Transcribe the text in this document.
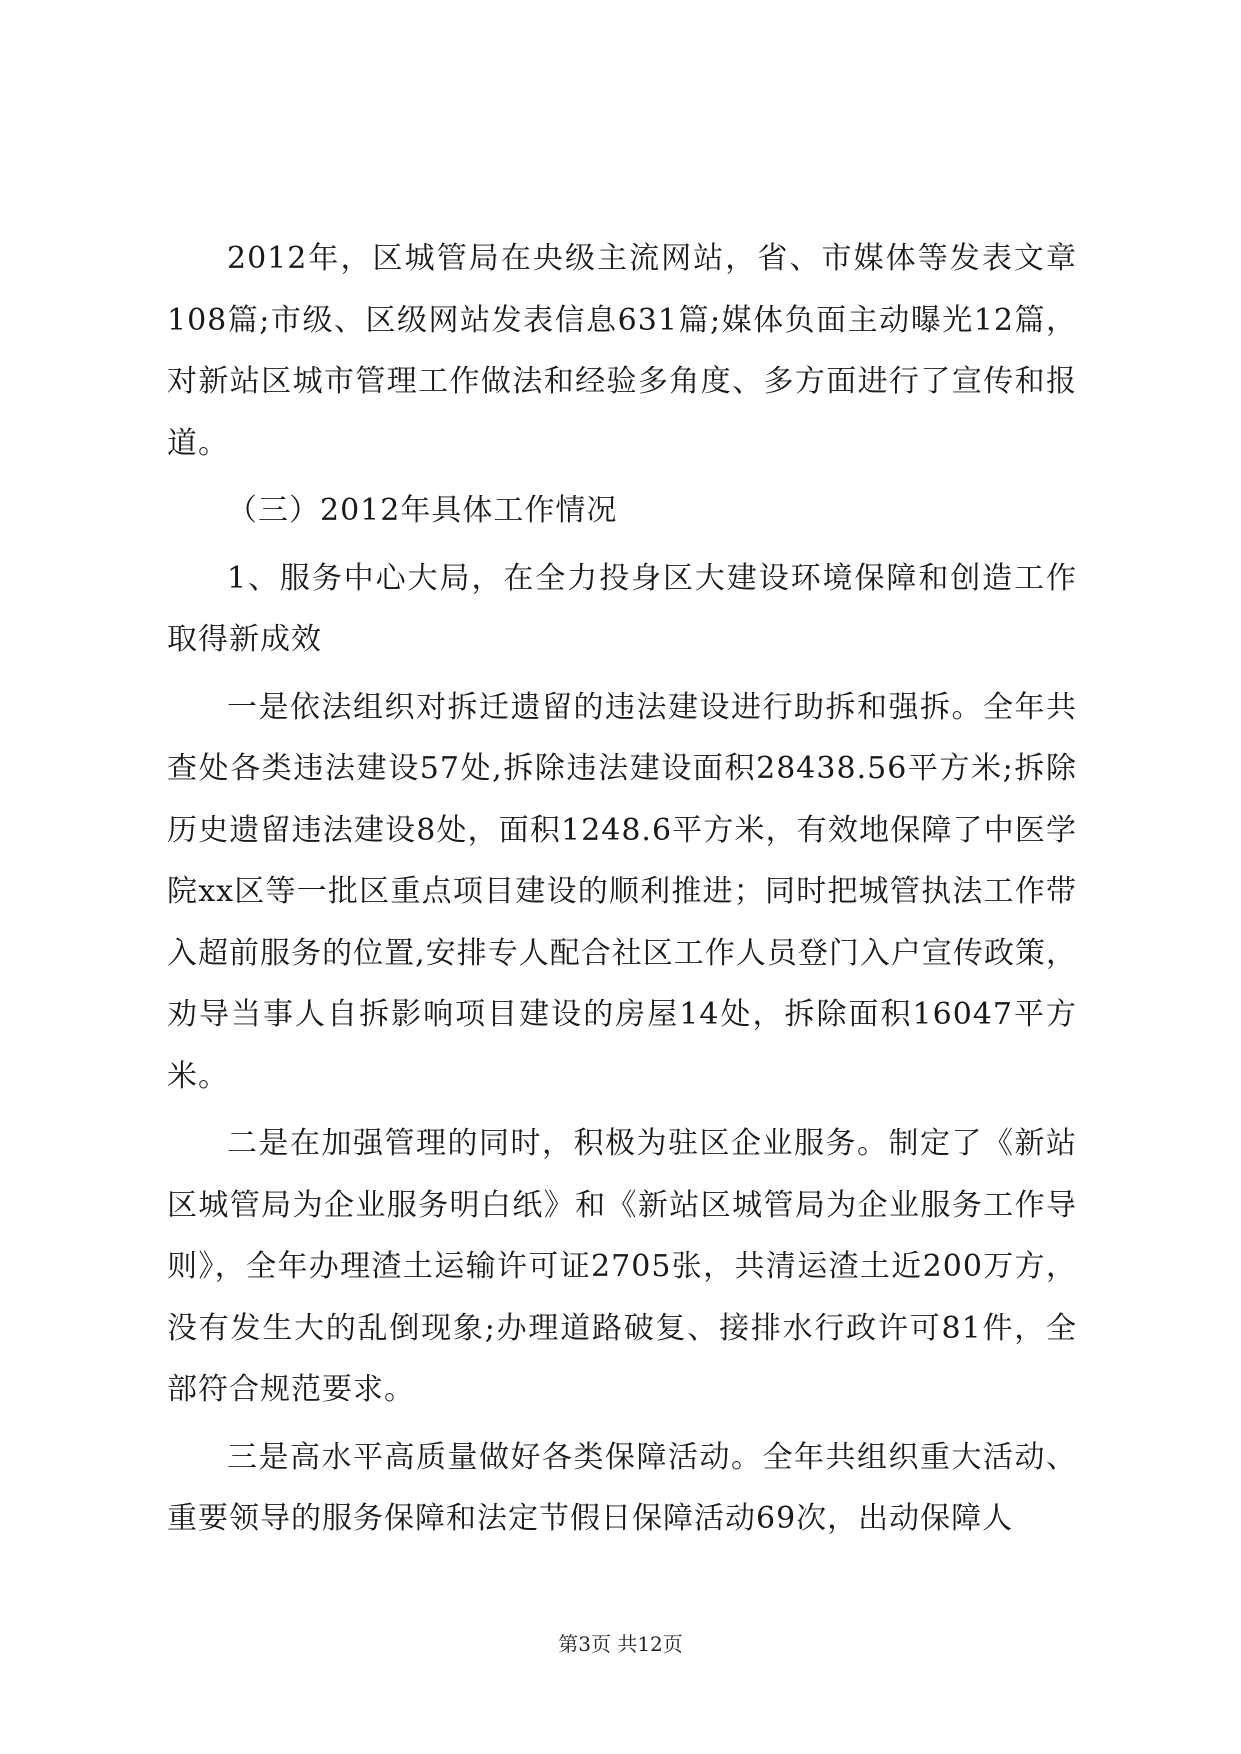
2012年，区城管局在央级主流网站，省、市媒体等发表文章108篇;市级、区级网站发表信息631篇;媒体负面主动曝光12篇，对新站区城市管理工作做法和经验多角度、多方面进行了宣传和报道。

（三）2012年具体工作情况

1、服务中心大局，在全力投身区大建设环境保障和创造工作取得新成效

一是依法组织对拆迁遗留的违法建设进行助拆和强拆。全年共查处各类违法建设57处,拆除违法建设面积28438.56平方米;拆除历史遗留违法建设8处，面积1248.6平方米，有效地保障了中医学院xx区等一批区重点项目建设的顺利推进；同时把城管执法工作带入超前服务的位置,安排专人配合社区工作人员登门入户宣传政策，劝导当事人自拆影响项目建设的房屋14处，拆除面积16047平方米。

二是在加强管理的同时，积极为驻区企业服务。制定了《新站区城管局为企业服务明白纸》和《新站区城管局为企业服务工作导则》，全年办理渣土运输许可证2705张，共清运渣土近200万方，没有发生大的乱倒现象;办理道路破复、接排水行政许可81件，全部符合规范要求。

三是高水平高质量做好各类保障活动。全年共组织重大活动、重要领导的服务保障和法定节假日保障活动69次，出动保障人

第3页 共12页
